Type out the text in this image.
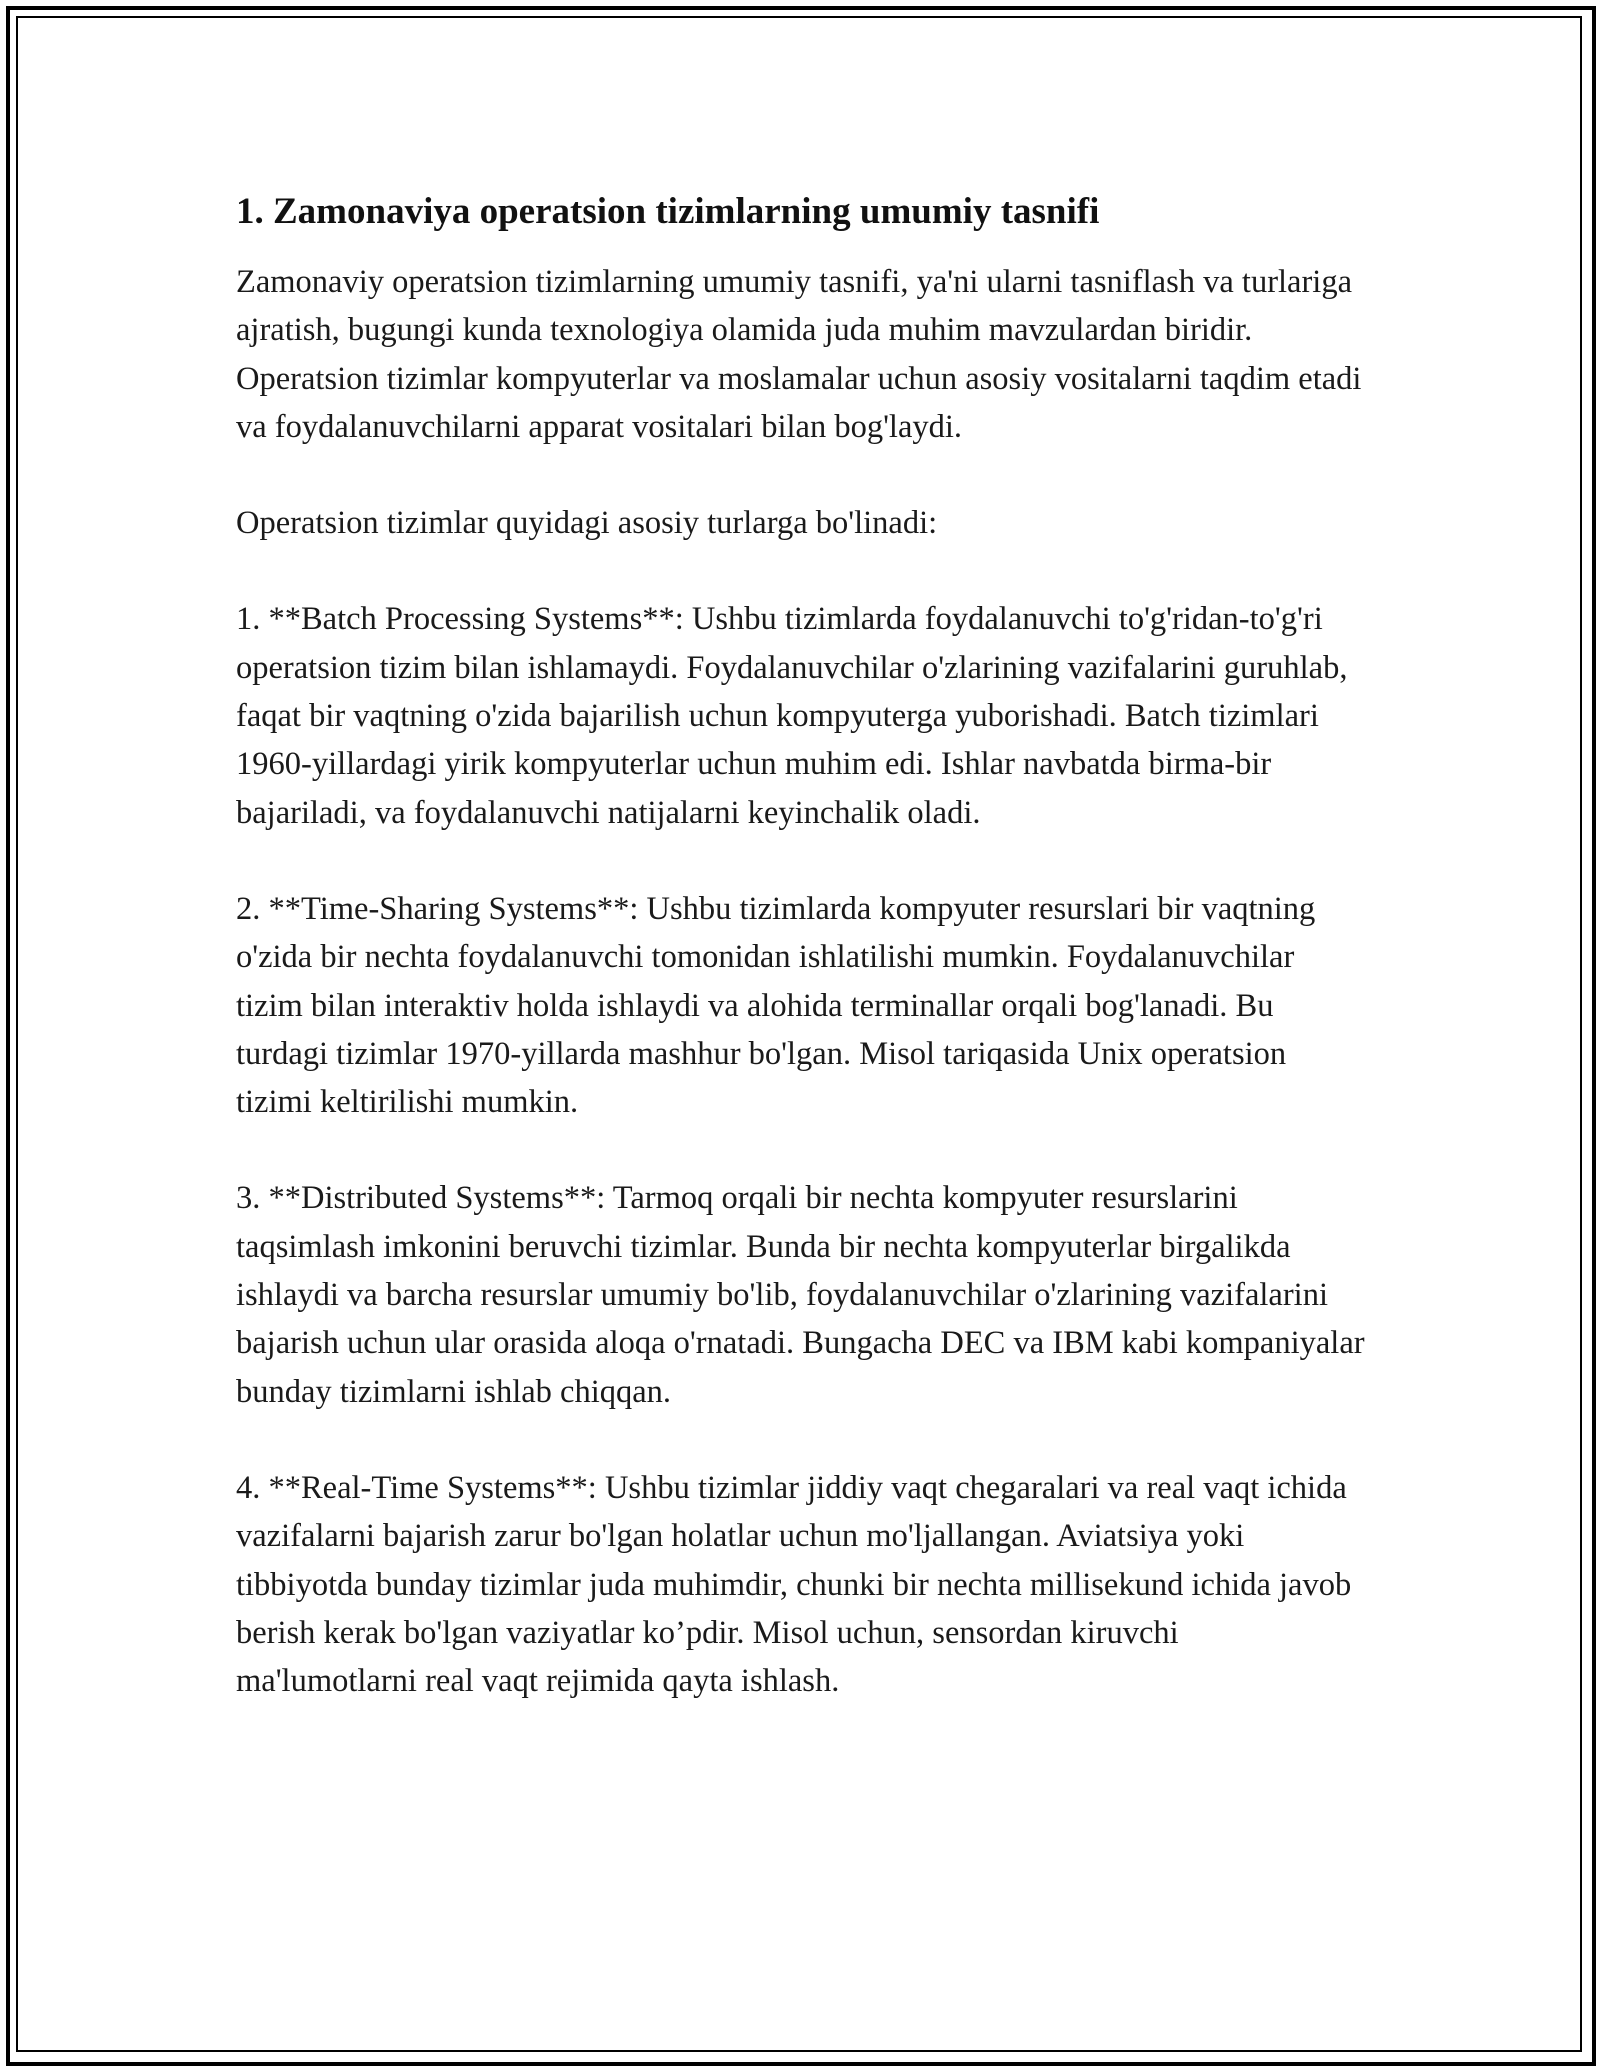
1. Zamonaviya operatsion tizimlarning umumiy tasnifi

Zamonaviy operatsion tizimlarning umumiy tasnifi, ya'ni ularni tasniflash va turlariga ajratish, bugungi kunda texnologiya olamida juda muhim mavzulardan biridir. Operatsion tizimlar kompyuterlar va moslamalar uchun asosiy vositalarni taqdim etadi va foydalanuvchilarni apparat vositalari bilan bog'laydi.

Operatsion tizimlar quyidagi asosiy turlarga bo'linadi:

1. **Batch Processing Systems**: Ushbu tizimlarda foydalanuvchi to'g'ridan-to'g'ri operatsion tizim bilan ishlamaydi. Foydalanuvchilar o'zlarining vazifalarini guruhlab, faqat bir vaqtning o'zida bajarilish uchun kompyuterga yuborishadi. Batch tizimlari 1960-yillardagi yirik kompyuterlar uchun muhim edi. Ishlar navbatda birma-bir bajariladi, va foydalanuvchi natijalarni keyinchalik oladi.

2. **Time-Sharing Systems**: Ushbu tizimlarda kompyuter resurslari bir vaqtning o'zida bir nechta foydalanuvchi tomonidan ishlatilishi mumkin. Foydalanuvchilar tizim bilan interaktiv holda ishlaydi va alohida terminallar orqali bog'lanadi. Bu turdagi tizimlar 1970-yillarda mashhur bo'lgan. Misol tariqasida Unix operatsion tizimi keltirilishi mumkin.

3. **Distributed Systems**: Tarmoq orqali bir nechta kompyuter resurslarini taqsimlash imkonini beruvchi tizimlar. Bunda bir nechta kompyuterlar birgalikda ishlaydi va barcha resurslar umumiy bo'lib, foydalanuvchilar o'zlarining vazifalarini bajarish uchun ular orasida aloqa o'rnatadi. Bungacha DEC va IBM kabi kompaniyalar bunday tizimlarni ishlab chiqqan.

4. **Real-Time Systems**: Ushbu tizimlar jiddiy vaqt chegaralari va real vaqt ichida vazifalarni bajarish zarur bo'lgan holatlar uchun mo'ljallangan. Aviatsiya yoki tibbiyotda bunday tizimlar juda muhimdir, chunki bir nechta millisekund ichida javob berish kerak bo'lgan vaziyatlar ko’pdir. Misol uchun, sensordan kiruvchi ma'lumotlarni real vaqt rejimida qayta ishlash.
